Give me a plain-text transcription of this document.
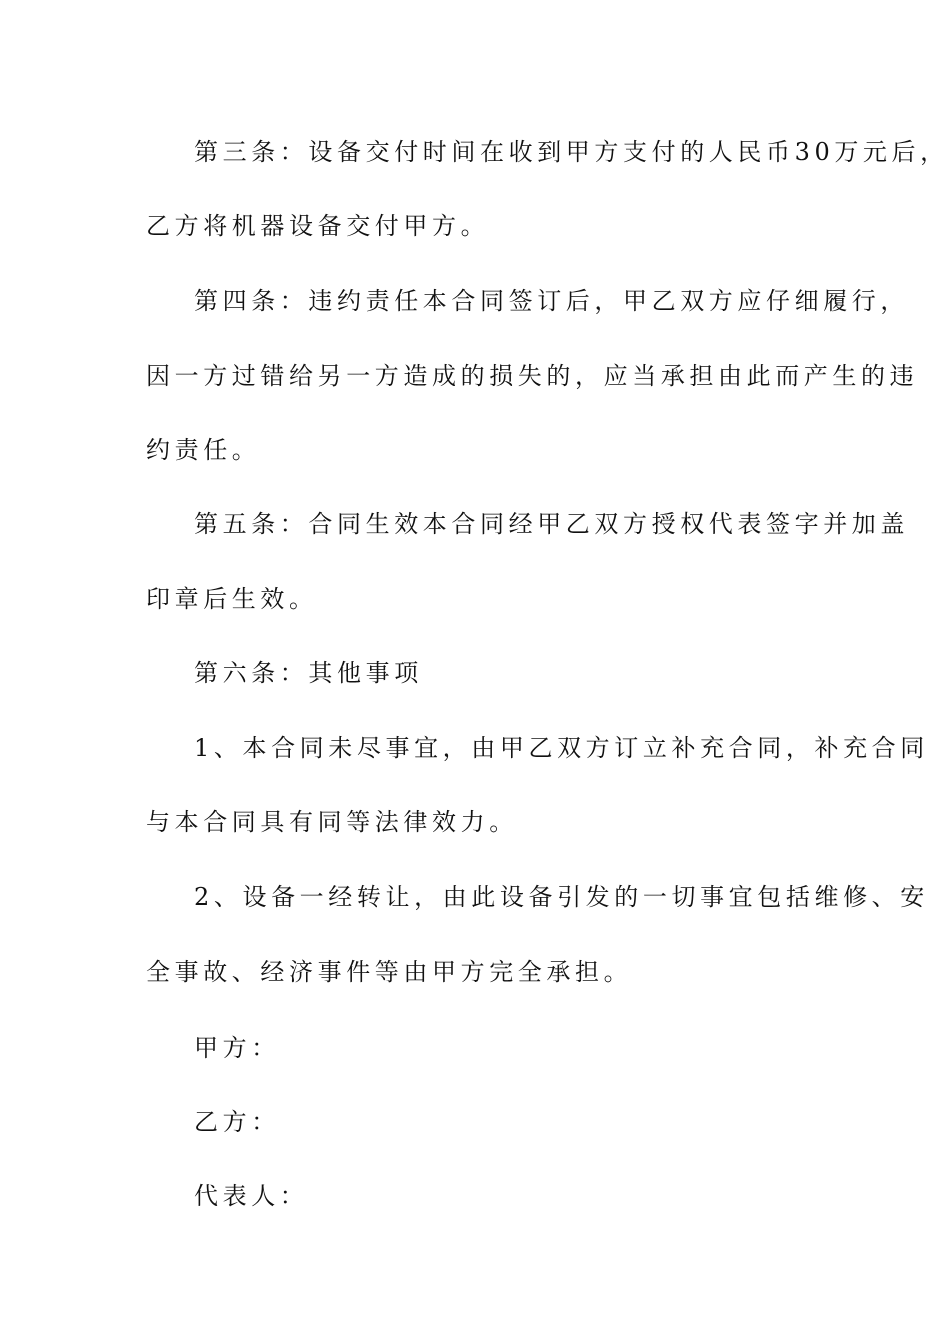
第三条：设备交付时间在收到甲方支付的人民币30万元后，
乙方将机器设备交付甲方。
第四条：违约责任本合同签订后，甲乙双方应仔细履行，
因一方过错给另一方造成的损失的，应当承担由此而产生的违
约责任。
第五条：合同生效本合同经甲乙双方授权代表签字并加盖
印章后生效。
第六条：其他事项
1、本合同未尽事宜，由甲乙双方订立补充合同，补充合同
与本合同具有同等法律效力。
2、设备一经转让，由此设备引发的一切事宜包括维修、安
全事故、经济事件等由甲方完全承担。
甲方：
乙方：
代表人：
